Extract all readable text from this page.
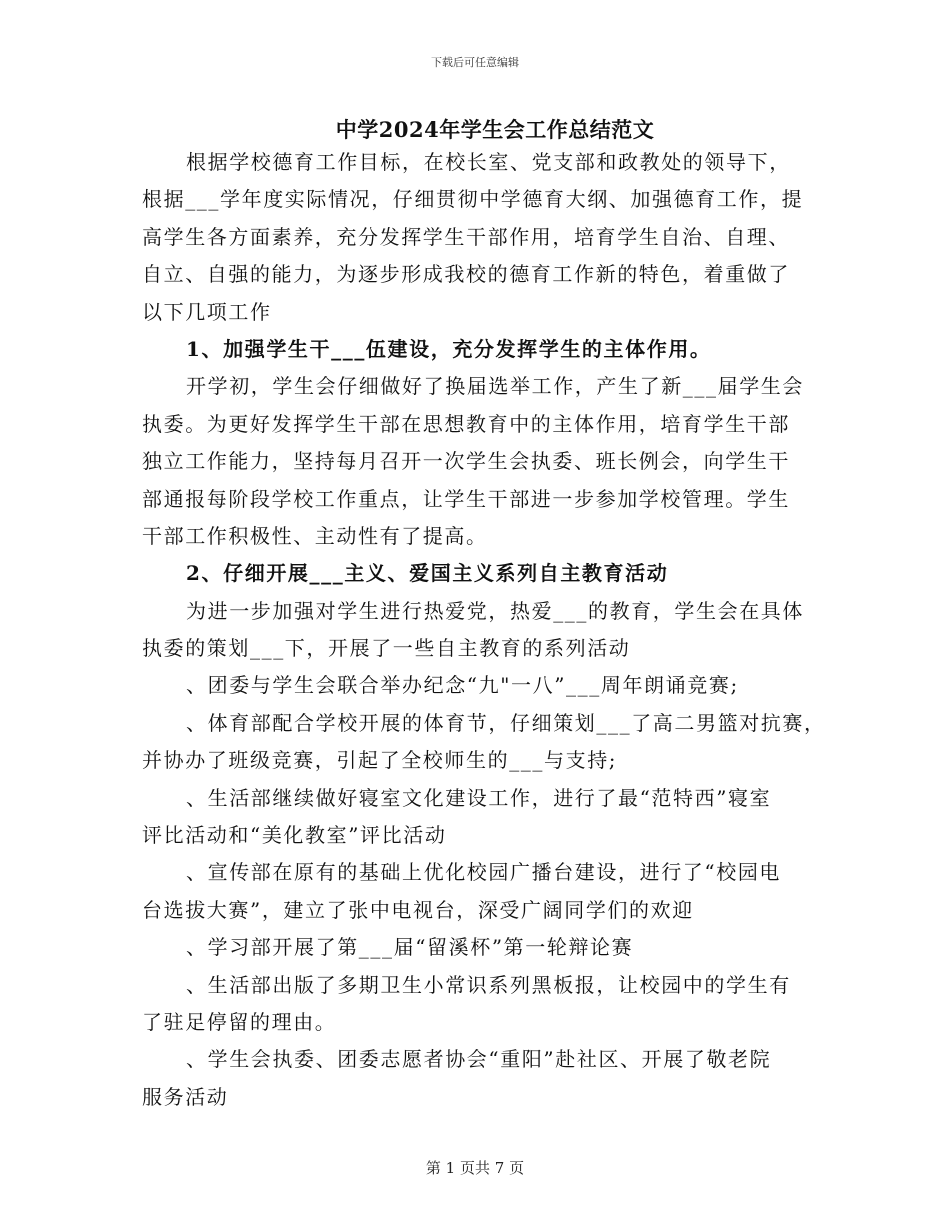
下载后可任意编辑
中学2024年学生会工作总结范文
根据学校德育工作目标，在校长室、党支部和政教处的领导下，
根据___学年度实际情况，仔细贯彻中学德育大纲、加强德育工作，提
高学生各方面素养，充分发挥学生干部作用，培育学生自治、自理、
自立、自强的能力，为逐步形成我校的德育工作新的特色，着重做了
以下几项工作
1、加强学生干___伍建设，充分发挥学生的主体作用。
开学初，学生会仔细做好了换届选举工作，产生了新___届学生会
执委。为更好发挥学生干部在思想教育中的主体作用，培育学生干部
独立工作能力，坚持每月召开一次学生会执委、班长例会，向学生干
部通报每阶段学校工作重点，让学生干部进一步参加学校管理。学生
干部工作积极性、主动性有了提高。
2、仔细开展___主义、爱国主义系列自主教育活动
为进一步加强对学生进行热爱党，热爱___的教育，学生会在具体
执委的策划___下，开展了一些自主教育的系列活动
、团委与学生会联合举办纪念“九"一八”___周年朗诵竞赛;
、体育部配合学校开展的体育节，仔细策划___了高二男篮对抗赛，
并协办了班级竞赛，引起了全校师生的___与支持;
、生活部继续做好寝室文化建设工作，进行了最“范特西”寝室
评比活动和“美化教室”评比活动
、宣传部在原有的基础上优化校园广播台建设，进行了“校园电
台选拔大赛”，建立了张中电视台，深受广阔同学们的欢迎
、学习部开展了第___届“留溪杯”第一轮辩论赛
、生活部出版了多期卫生小常识系列黑板报，让校园中的学生有
了驻足停留的理由。
、学生会执委、团委志愿者协会“重阳”赴社区、开展了敬老院
服务活动
第 1 页共 7 页
